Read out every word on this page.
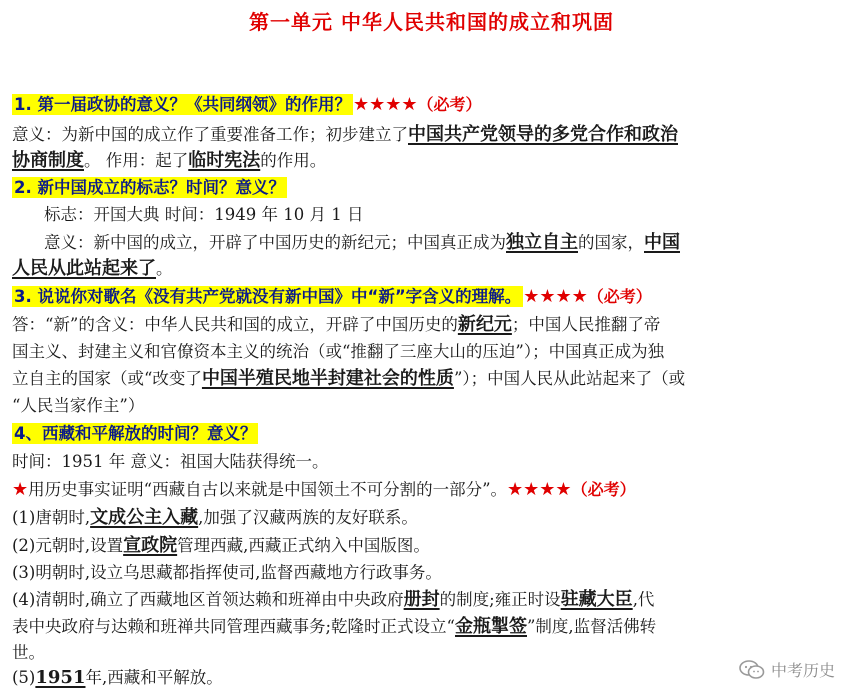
第一单元 中华人民共和国的成立和巩固
1. 第一届政协的意义？《共同纲领》的作用？ ★★★★（必考）
意义：为新中国的成立作了重要准备工作；初步建立了中国共产党领导的多党合作和政治
协商制度。 作用：起了临时宪法的作用。
2. 新中国成立的标志？时间？意义？
标志：开国大典 时间：1949 年 10 月 1 日
意义：新中国的成立，开辟了中国历史的新纪元；中国真正成为独立自主的国家，中国
人民从此站起来了。
3. 说说你对歌名《没有共产党就没有新中国》中“新”字含义的理解。 ★★★★（必考）
答：“新”的含义：中华人民共和国的成立，开辟了中国历史的新纪元；中国人民推翻了帝
国主义、封建主义和官僚资本主义的统治（或“推翻了三座大山的压迫”）；中国真正成为独
立自主的国家（或“改变了中国半殖民地半封建社会的性质”）；中国人民从此站起来了（或
“人民当家作主”）
4、西藏和平解放的时间？意义？
时间：1951 年 意义：祖国大陆获得统一。
★用历史事实证明“西藏自古以来就是中国领土不可分割的一部分”。★★★★（必考）
(1)唐朝时,文成公主入藏,加强了汉藏两族的友好联系。
(2)元朝时,设置宣政院管理西藏,西藏正式纳入中国版图。
(3)明朝时,设立乌思藏都指挥使司,监督西藏地方行政事务。
(4)清朝时,确立了西藏地区首领达赖和班禅由中央政府册封的制度;雍正时设驻藏大臣,代
表中央政府与达赖和班禅共同管理西藏事务;乾隆时正式设立“金瓶掣签”制度,监督活佛转
世。
(5)1951年,西藏和平解放。	中考历史
